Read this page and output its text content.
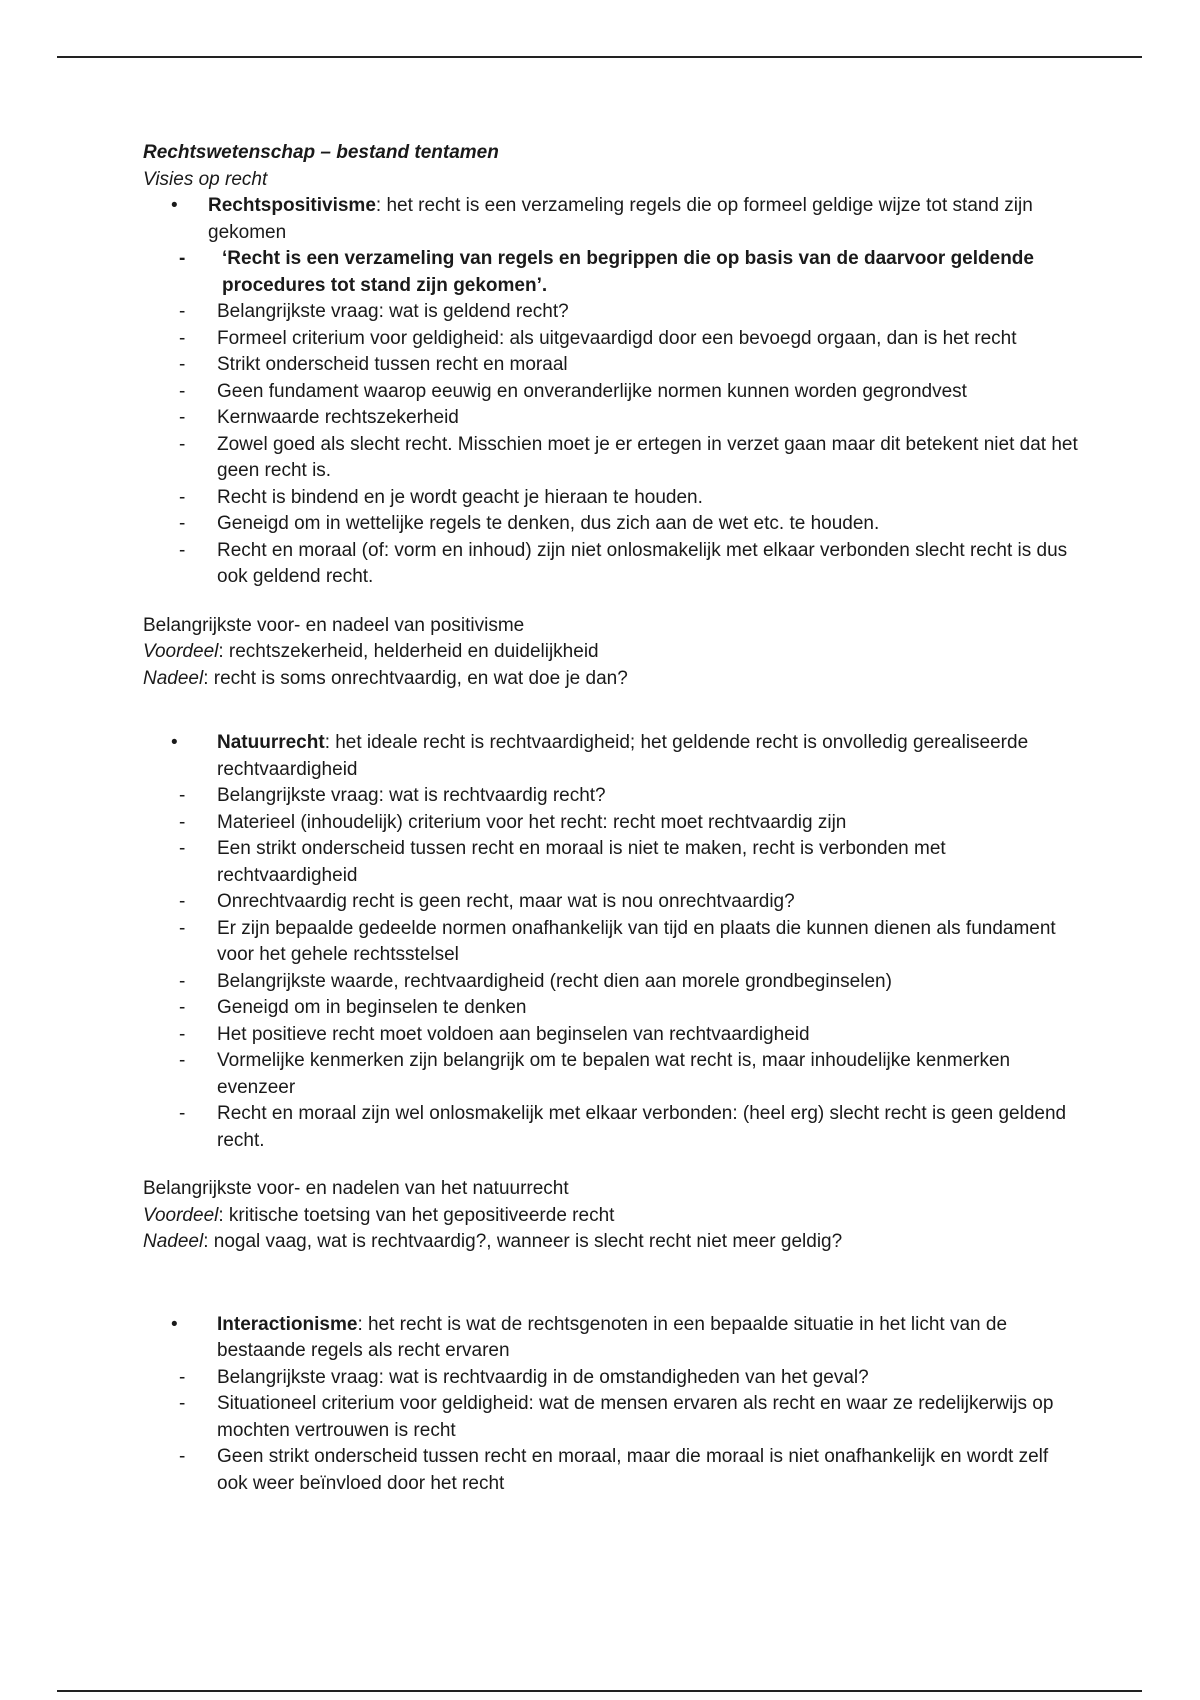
Rechtswetenschap – bestand tentamen

Visies op recht

• Rechtspositivisme: het recht is een verzameling regels die op formeel geldige wijze tot stand zijn gekomen
- ‘Recht is een verzameling van regels en begrippen die op basis van de daarvoor geldende procedures tot stand zijn gekomen’.
- Belangrijkste vraag: wat is geldend recht?
- Formeel criterium voor geldigheid: als uitgevaardigd door een bevoegd orgaan, dan is het recht
- Strikt onderscheid tussen recht en moraal
- Geen fundament waarop eeuwig en onveranderlijke normen kunnen worden gegrondvest
- Kernwaarde rechtszekerheid
- Zowel goed als slecht recht. Misschien moet je er ertegen in verzet gaan maar dit betekent niet dat het geen recht is.
- Recht is bindend en je wordt geacht je hieraan te houden.
- Geneigd om in wettelijke regels te denken, dus zich aan de wet etc. te houden.
- Recht en moraal (of: vorm en inhoud) zijn niet onlosmakelijk met elkaar verbonden slecht recht is dus ook geldend recht.

Belangrijkste voor- en nadeel van positivisme

Voordeel: rechtszekerheid, helderheid en duidelijkheid

Nadeel: recht is soms onrechtvaardig, en wat doe je dan?

• Natuurrecht: het ideale recht is rechtvaardigheid; het geldende recht is onvolledig gerealiseerde rechtvaardigheid
- Belangrijkste vraag: wat is rechtvaardig recht?
- Materieel (inhoudelijk) criterium voor het recht: recht moet rechtvaardig zijn
- Een strikt onderscheid tussen recht en moraal is niet te maken, recht is verbonden met rechtvaardigheid
- Onrechtvaardig recht is geen recht, maar wat is nou onrechtvaardig?
- Er zijn bepaalde gedeelde normen onafhankelijk van tijd en plaats die kunnen dienen als fundament voor het gehele rechtsstelsel
- Belangrijkste waarde, rechtvaardigheid (recht dien aan morele grondbeginselen)
- Geneigd om in beginselen te denken
- Het positieve recht moet voldoen aan beginselen van rechtvaardigheid
- Vormelijke kenmerken zijn belangrijk om te bepalen wat recht is, maar inhoudelijke kenmerken evenzeer
- Recht en moraal zijn wel onlosmakelijk met elkaar verbonden: (heel erg) slecht recht is geen geldend recht.

Belangrijkste voor- en nadelen van het natuurrecht

Voordeel: kritische toetsing van het gepositiveerde recht

Nadeel: nogal vaag, wat is rechtvaardig?, wanneer is slecht recht niet meer geldig?

• Interactionisme: het recht is wat de rechtsgenoten in een bepaalde situatie in het licht van de bestaande regels als recht ervaren
- Belangrijkste vraag: wat is rechtvaardig in de omstandigheden van het geval?
- Situationeel criterium voor geldigheid: wat de mensen ervaren als recht en waar ze redelijkerwijs op mochten vertrouwen is recht
- Geen strikt onderscheid tussen recht en moraal, maar die moraal is niet onafhankelijk en wordt zelf ook weer beïnvloed door het recht
